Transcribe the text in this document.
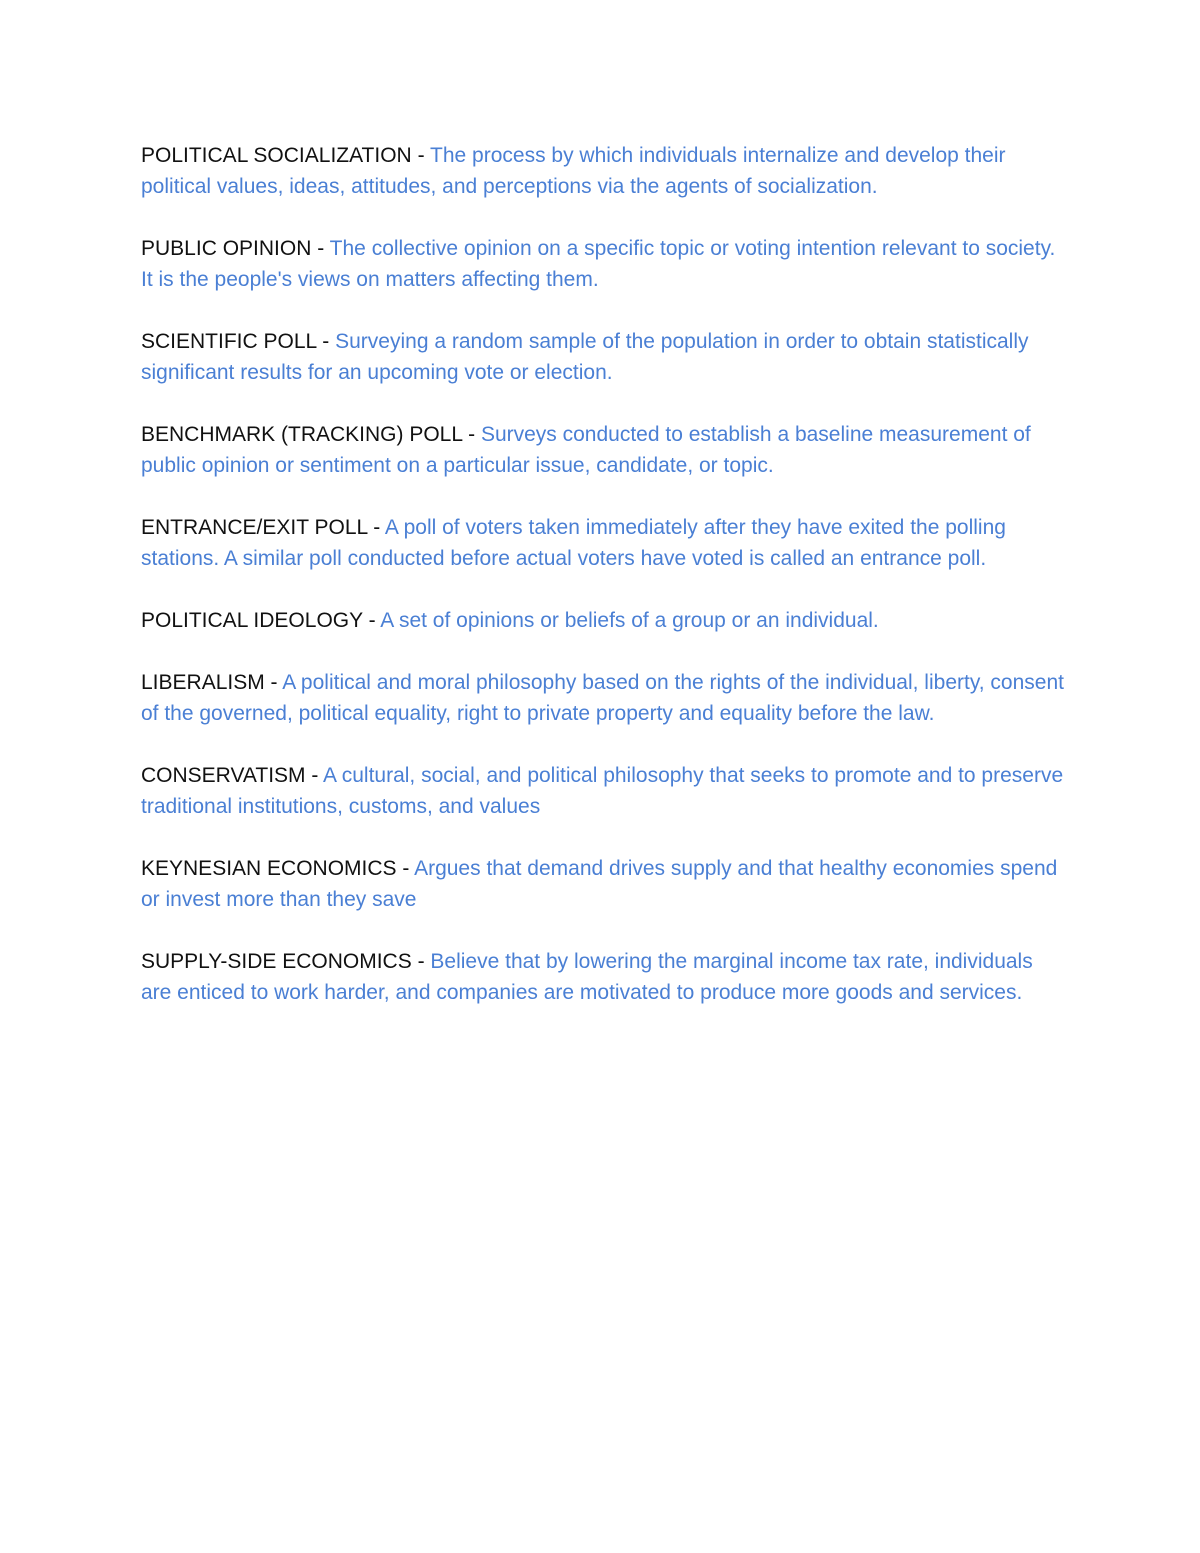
POLITICAL SOCIALIZATION - The process by which individuals internalize and develop their political values, ideas, attitudes, and perceptions via the agents of socialization.

PUBLIC OPINION - The collective opinion on a specific topic or voting intention relevant to society. It is the people's views on matters affecting them.

SCIENTIFIC POLL - Surveying a random sample of the population in order to obtain statistically significant results for an upcoming vote or election.

BENCHMARK (TRACKING) POLL - Surveys conducted to establish a baseline measurement of public opinion or sentiment on a particular issue, candidate, or topic.

ENTRANCE/EXIT POLL - A poll of voters taken immediately after they have exited the polling stations. A similar poll conducted before actual voters have voted is called an entrance poll.

POLITICAL IDEOLOGY - A set of opinions or beliefs of a group or an individual.

LIBERALISM - A political and moral philosophy based on the rights of the individual, liberty, consent of the governed, political equality, right to private property and equality before the law.

CONSERVATISM - A cultural, social, and political philosophy that seeks to promote and to preserve traditional institutions, customs, and values

KEYNESIAN ECONOMICS - Argues that demand drives supply and that healthy economies spend or invest more than they save

SUPPLY-SIDE ECONOMICS - Believe that by lowering the marginal income tax rate, individuals are enticed to work harder, and companies are motivated to produce more goods and services.
